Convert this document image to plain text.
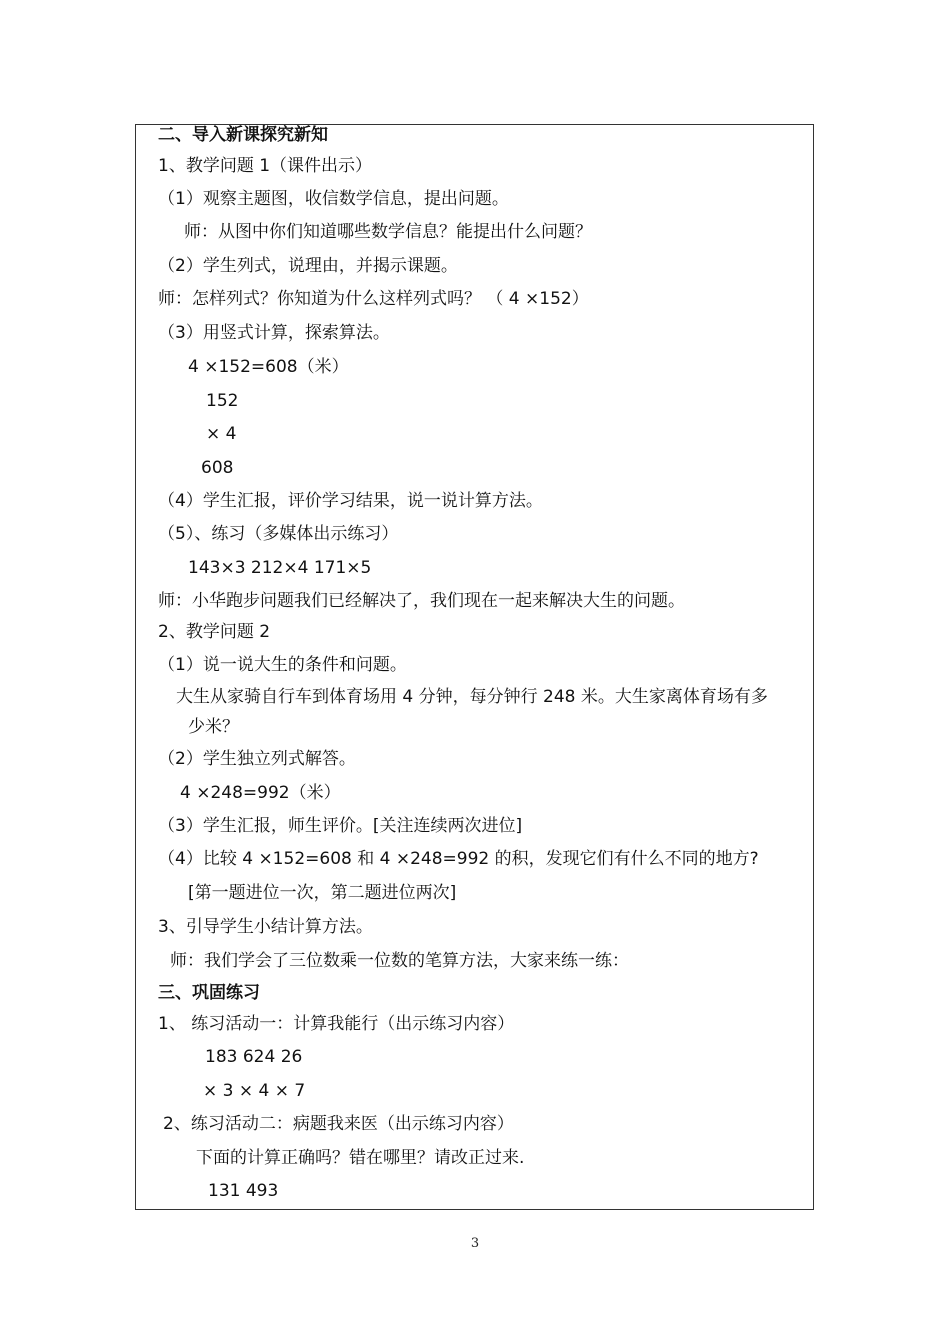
二、导入新课探究新知
1、教学问题 1（课件出示）
（1）观察主题图，收信数学信息，提出问题。
师：从图中你们知道哪些数学信息？能提出什么问题？
（2）学生列式，说理由，并揭示课题。
师：怎样列式？你知道为什么这样列式吗？ （ 4 ×152）
（3）用竖式计算，探索算法。
4 ×152=608（米）
152
× 4
608
（4）学生汇报，评价学习结果，说一说计算方法。
（5）、练习（多媒体出示练习）
143×3 212×4 171×5
师：小华跑步问题我们已经解决了，我们现在一起来解决大生的问题。
2、教学问题 2
（1）说一说大生的条件和问题。
大生从家骑自行车到体育场用 4 分钟，每分钟行 248 米。大生家离体育场有多
少米？
（2）学生独立列式解答。
4 ×248=992（米）
（3）学生汇报，师生评价。[关注连续两次进位]
（4）比较 4 ×152=608 和 4 ×248=992 的积，发现它们有什么不同的地方?
[第一题进位一次，第二题进位两次]
3、引导学生小结计算方法。
师：我们学会了三位数乘一位数的笔算方法，大家来练一练：
三、巩固练习
1、 练习活动一：计算我能行（出示练习内容）
183 624 26
× 3 × 4 × 7
2、练习活动二：病题我来医（出示练习内容）
下面的计算正确吗？错在哪里？请改正过来.
131 493
3
